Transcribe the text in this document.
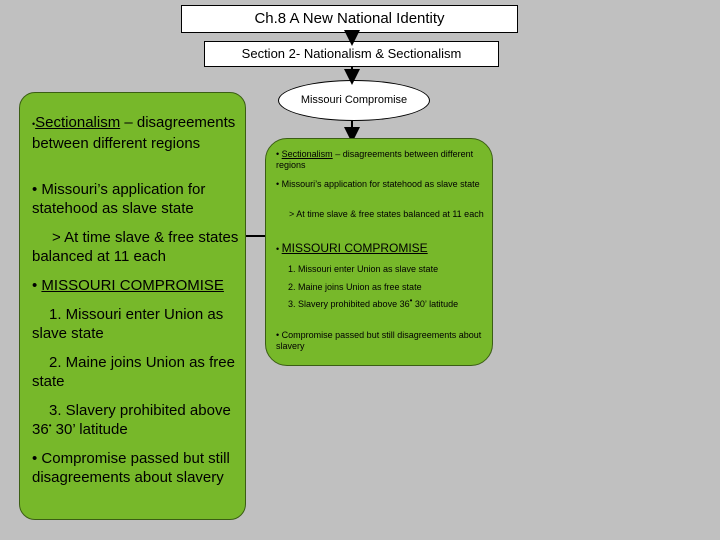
Ch.8 A New National Identity
Section 2- Nationalism & Sectionalism
Missouri Compromise

•Sectionalism – disagreements between different regions

• Missouri’s application for statehood as slave state

> At time slave & free states balanced at 11 each

• MISSOURI COMPROMISE

1. Missouri enter Union as slave state

2. Maine joins Union as free state

3. Slavery prohibited above 36• 30’ latitude

• Compromise passed but still disagreements about slavery

• Sectionalism – disagreements between different regions

• Missouri’s application for statehood as slave state

> At time slave & free states balanced at 11 each

• MISSOURI COMPROMISE

1. Missouri enter Union as slave state

2. Maine joins Union as free state

3. Slavery prohibited above 36• 30’ latitude

• Compromise passed but still disagreements about slavery
